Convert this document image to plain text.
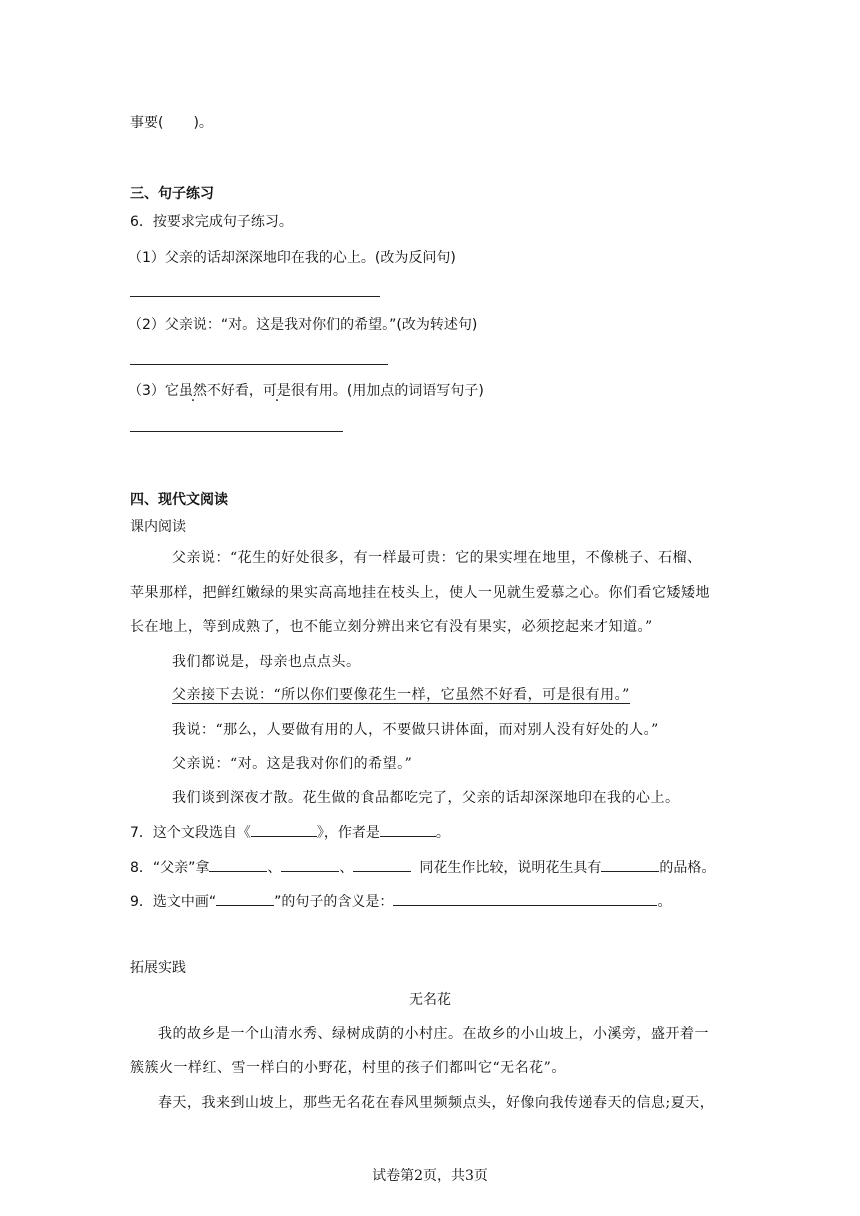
事要( )。
三、句子练习
6．按要求完成句子练习。
（1）父亲的话却深深地印在我的心上。(改为反问句)
（2）父亲说：“对。这是我对你们的希望。”(改为转述句)
（3）它虽然不好看，可是很有用。(用加点的词语写句子)
四、现代文阅读
课内阅读
父亲说：“花生的好处很多，有一样最可贵：它的果实埋在地里，不像桃子、石榴、
苹果那样，把鲜红嫩绿的果实高高地挂在枝头上，使人一见就生爱慕之心。你们看它矮矮地
长在地上，等到成熟了，也不能立刻分辨出来它有没有果实，必须挖起来才知道。”
我们都说是，母亲也点点头。
父亲接下去说：“所以你们要像花生一样，它虽然不好看，可是很有用。”
我说：“那么，人要做有用的人，不要做只讲体面，而对别人没有好处的人。”
父亲说：“对。这是我对你们的希望。”
我们谈到深夜才散。花生做的食品都吃完了，父亲的话却深深地印在我的心上。
7．这个文段选自《	》，作者是	。
8．“父亲”拿	、	、	同花生作比较，说明花生具有	的品格。
9．选文中画“	”的句子的含义是：	。
拓展实践
无名花
我的故乡是一个山清水秀、绿树成荫的小村庄。在故乡的小山坡上，小溪旁，盛开着一
簇簇火一样红、雪一样白的小野花，村里的孩子们都叫它“无名花”。
春天，我来到山坡上，那些无名花在春风里频频点头，好像向我传递春天的信息;夏天，
试卷第2页，共3页
